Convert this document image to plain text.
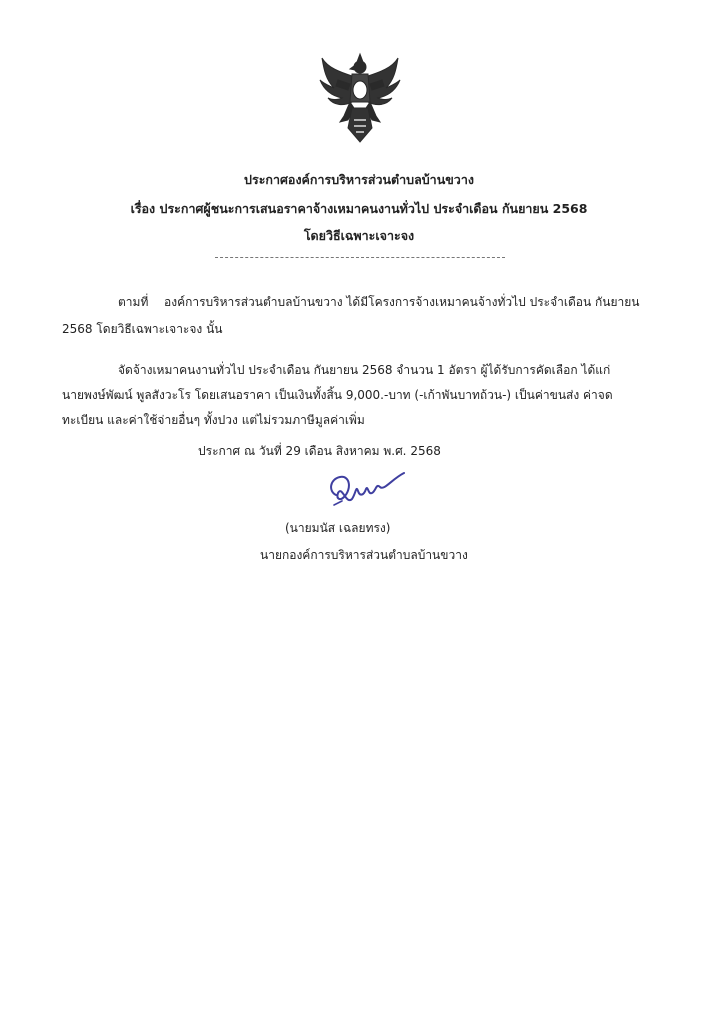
ประกาศองค์การบริหารส่วนตำบลบ้านขวาง
เรื่อง ประกาศผู้ชนะการเสนอราคาจ้างเหมาคนงานทั่วไป ประจำเดือน กันยายน 2568
โดยวิธีเฉพาะเจาะจง
ตามที่ องค์การบริหารส่วนตำบลบ้านขวาง ได้มีโครงการจ้างเหมาคนจ้างทั่วไป ประจำเดือน กันยายน
2568 โดยวิธีเฉพาะเจาะจง นั้น
จัดจ้างเหมาคนงานทั่วไป ประจำเดือน กันยายน 2568 จำนวน 1 อัตรา ผู้ได้รับการคัดเลือก ได้แก่
นายพงษ์พัฒน์ พูลสังวะโร โดยเสนอราคา เป็นเงินทั้งสิ้น 9,000.-บาท (-เก้าพันบาทถ้วน-) เป็นค่าขนส่ง ค่าจด
ทะเบียน และค่าใช้จ่ายอื่นๆ ทั้งปวง แต่ไม่รวมภาษีมูลค่าเพิ่ม
ประกาศ ณ วันที่ 29 เดือน สิงหาคม พ.ศ. 2568
(นายมนัส เฉลยทรง)
นายกองค์การบริหารส่วนตำบลบ้านขวาง
